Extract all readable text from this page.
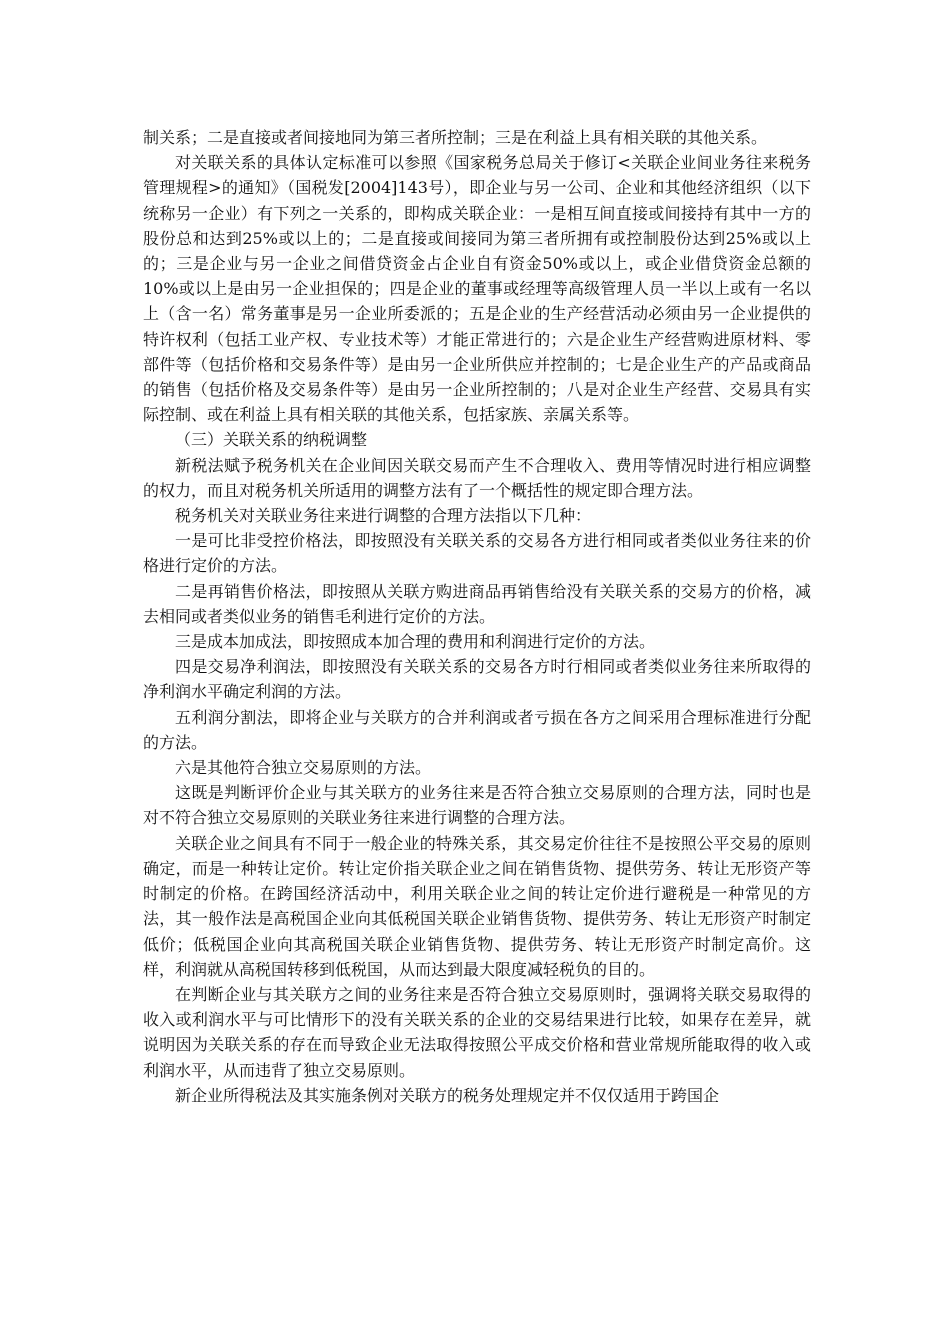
制关系；二是直接或者间接地同为第三者所控制；三是在利益上具有相关联的其他关系。

对关联关系的具体认定标准可以参照《国家税务总局关于修订<关联企业间业务往来税务管理规程>的通知》（国税发[2004]143号），即企业与另一公司、企业和其他经济组织（以下统称另一企业）有下列之一关系的，即构成关联企业：一是相互间直接或间接持有其中一方的股份总和达到25%或以上的；二是直接或间接同为第三者所拥有或控制股份达到25%或以上的；三是企业与另一企业之间借贷资金占企业自有资金50%或以上，或企业借贷资金总额的10%或以上是由另一企业担保的；四是企业的董事或经理等高级管理人员一半以上或有一名以上（含一名）常务董事是另一企业所委派的；五是企业的生产经营活动必须由另一企业提供的特许权利（包括工业产权、专业技术等）才能正常进行的；六是企业生产经营购进原材料、零部件等（包括价格和交易条件等）是由另一企业所供应并控制的；七是企业生产的产品或商品的销售（包括价格及交易条件等）是由另一企业所控制的；八是对企业生产经营、交易具有实际控制、或在利益上具有相关联的其他关系，包括家族、亲属关系等。

（三）关联关系的纳税调整

新税法赋予税务机关在企业间因关联交易而产生不合理收入、费用等情况时进行相应调整的权力，而且对税务机关所适用的调整方法有了一个概括性的规定即合理方法。

税务机关对关联业务往来进行调整的合理方法指以下几种：

一是可比非受控价格法，即按照没有关联关系的交易各方进行相同或者类似业务往来的价格进行定价的方法。

二是再销售价格法，即按照从关联方购进商品再销售给没有关联关系的交易方的价格，减去相同或者类似业务的销售毛利进行定价的方法。

三是成本加成法，即按照成本加合理的费用和利润进行定价的方法。

四是交易净利润法，即按照没有关联关系的交易各方时行相同或者类似业务往来所取得的净利润水平确定利润的方法。

五利润分割法，即将企业与关联方的合并利润或者亏损在各方之间采用合理标准进行分配的方法。

六是其他符合独立交易原则的方法。

这既是判断评价企业与其关联方的业务往来是否符合独立交易原则的合理方法，同时也是对不符合独立交易原则的关联业务往来进行调整的合理方法。

关联企业之间具有不同于一般企业的特殊关系，其交易定价往往不是按照公平交易的原则确定，而是一种转让定价。转让定价指关联企业之间在销售货物、提供劳务、转让无形资产等时制定的价格。在跨国经济活动中，利用关联企业之间的转让定价进行避税是一种常见的方法，其一般作法是高税国企业向其低税国关联企业销售货物、提供劳务、转让无形资产时制定低价；低税国企业向其高税国关联企业销售货物、提供劳务、转让无形资产时制定高价。这样，利润就从高税国转移到低税国，从而达到最大限度减轻税负的目的。

在判断企业与其关联方之间的业务往来是否符合独立交易原则时，强调将关联交易取得的收入或利润水平与可比情形下的没有关联关系的企业的交易结果进行比较，如果存在差异，就说明因为关联关系的存在而导致企业无法取得按照公平成交价格和营业常规所能取得的收入或利润水平，从而违背了独立交易原则。

新企业所得税法及其实施条例对关联方的税务处理规定并不仅仅适用于跨国企
